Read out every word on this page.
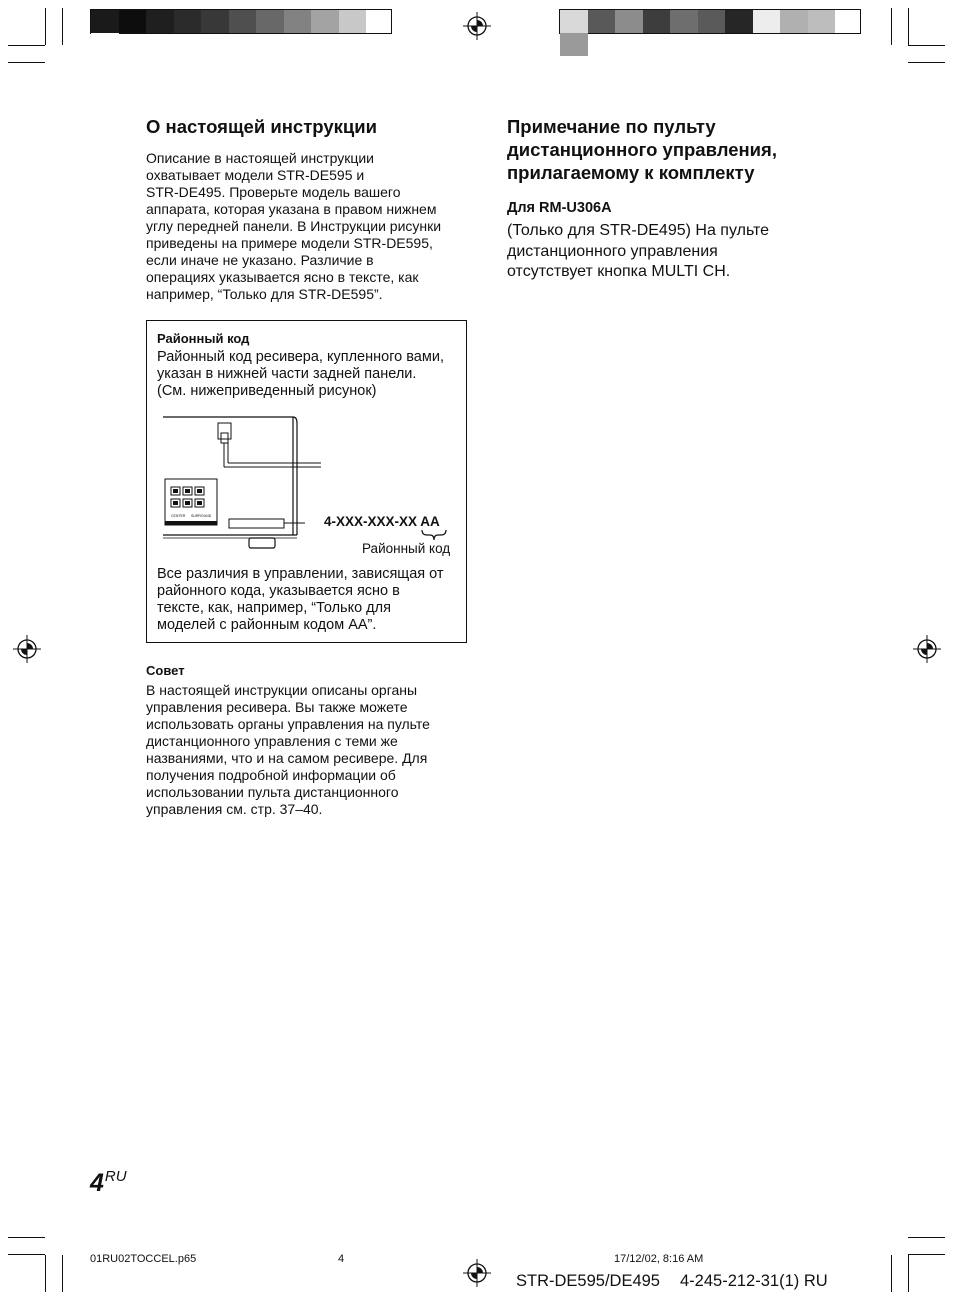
О настоящей инструкции

Описание в настоящей инструкции
охватывает модели STR-DE595 и
STR-DE495. Проверьте модель вашего
аппарата, которая указана в правом нижнем
углу передней панели. В Инструкции рисунки
приведены на примере модели STR-DE595,
если иначе не указано. Различие в
операциях указывается ясно в тексте, как
например, “Только для STR-DE595”.

Районный код

Районный код ресивера, купленного вами,
указан в нижней части задней панели.
(См. нижеприведенный рисунок)

CENTER SURROUND	4-XXX-XXX-XX AA
Районный код

Все различия в управлении, зависящая от
районного кода, указывается ясно в
тексте, как, например, “Только для
моделей с районным кодом AA”.

Совет

В настоящей инструкции описаны органы
управления ресивера. Вы также можете
использовать органы управления на пульте
дистанционного управления с теми же
названиями, что и на самом ресивере. Для
получения подробной информации об
использовании пульта дистанционного
управления см. стр. 37–40.

Примечание по пульту
дистанционного управления,
прилагаемому к комплекту
Для RM-U306A

(Только для STR-DE495) На пульте
дистанционного управления
отсутствует кнопка MULTI CH.

$4^{RU}$
01RU02TOCCEL.p65	4	17/12/02, 8:16 AM
STR-DE595/DE495 4-245-212-31(1) RU
